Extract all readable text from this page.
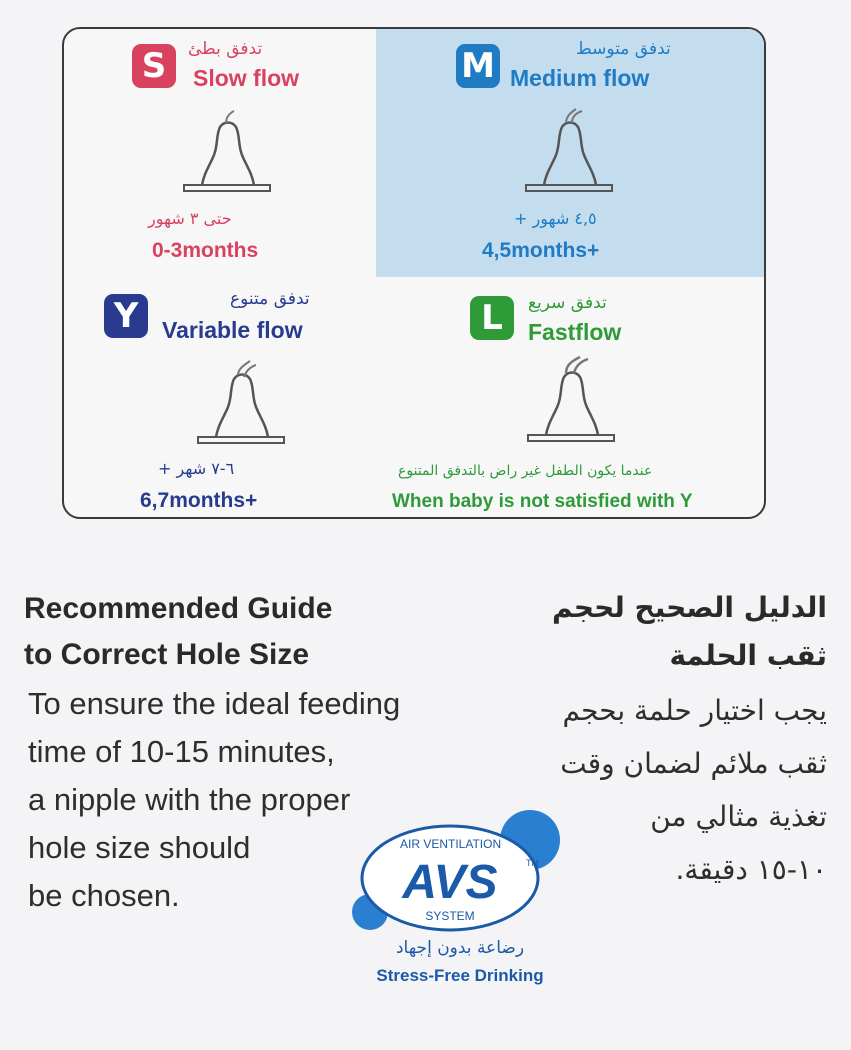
S	تدفق بطئ
Slow flow
حتى ٣ شهور
0-3months
M	تدفق متوسط
Medium flow
٤,٥ شهور +
4,5months+
Y	تدفق متنوع
Variable flow
٦-٧ شهر +
6,7months+
L	تدفق سريع
Fastflow
عندما يكون الطفل غير راض بالتدفق المتنوع
When baby is not satisfied with Y
Recommended Guide
to Correct Hole Size
To ensure the ideal feeding
time of 10-15 minutes,
a nipple with the proper
hole size should
be chosen.
الدليل الصحيح لحجم
ثقب الحلمة
يجب اختيار حلمة بحجم
ثقب ملائم لضمان وقت
تغذية مثالي من
١٠-١٥ دقيقة.
AIR VENTILATION
TM
AVS
SYSTEM
رضاعة بدون إجهاد
Stress-Free Drinking
